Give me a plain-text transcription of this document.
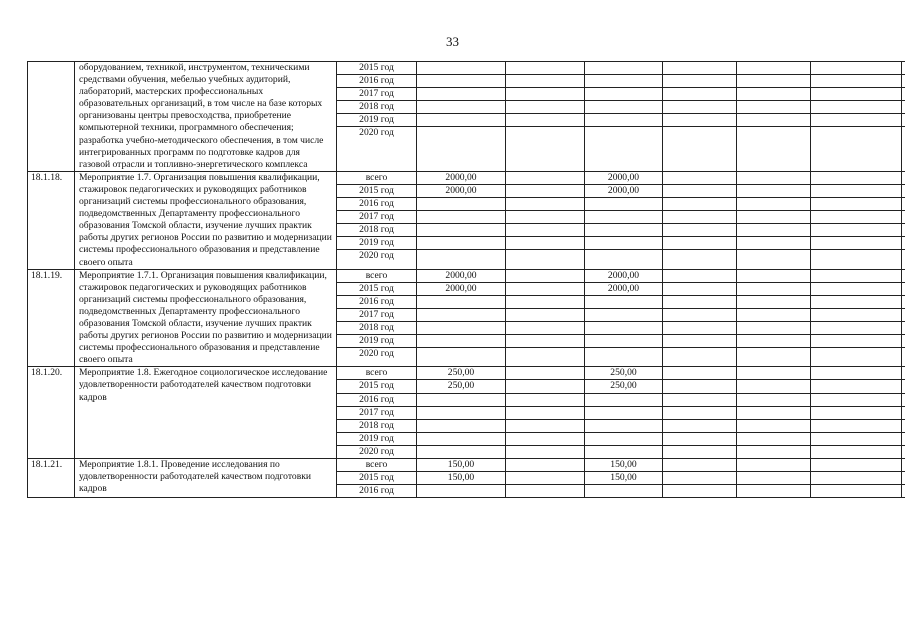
33
	оборудованием, техникой, инструментом, техническими средствами обучения, мебелью учебных аудиторий, лабораторий, мастерских профессиональных образовательных организаций, в том числе на базе которых организованы центры превосходства, приобретение компьютерной техники, программного обеспечения; разработка учебно-методического обеспечения, в том числе интегрированных программ по подготовке кадров для газовой отрасли и топливно-энергетического комплекса	2015 год							
		2016 год							
		2017 год							
		2018 год							
		2019 год							
		2020 год							
18.1.18.	Мероприятие 1.7. Организация повышения квалификации, стажировок педагогических и руководящих работников организаций системы профессионального образования, подведомственных Департаменту профессионального образования Томской области, изучение лучших практик работы других регионов России по развитию и модернизации системы профессионального образования и представление своего опыта	всего	2000,00		2000,00				
		2015 год	2000,00		2000,00				
		2016 год							
		2017 год							
		2018 год							
		2019 год							
		2020 год							
18.1.19.	Мероприятие 1.7.1. Организация повышения квалификации, стажировок педагогических и руководящих работников организаций системы профессионального образования, подведомственных Департаменту профессионального образования Томской области, изучение лучших практик работы других регионов России по развитию и модернизации системы профессионального образования и представление своего опыта	всего	2000,00		2000,00				
		2015 год	2000,00		2000,00				
		2016 год							
		2017 год							
		2018 год							
		2019 год							
		2020 год							
18.1.20.	Мероприятие 1.8. Ежегодное социологическое исследование удовлетворенности работодателей качеством подготовки кадров	всего	250,00		250,00				
		2015 год	250,00		250,00				
		2016 год							
		2017 год							
		2018 год							
		2019 год							
		2020 год							
18.1.21.	Мероприятие 1.8.1. Проведение исследования по удовлетворенности работодателей качеством подготовки кадров	всего	150,00		150,00				
		2015 год	150,00		150,00				
		2016 год							
